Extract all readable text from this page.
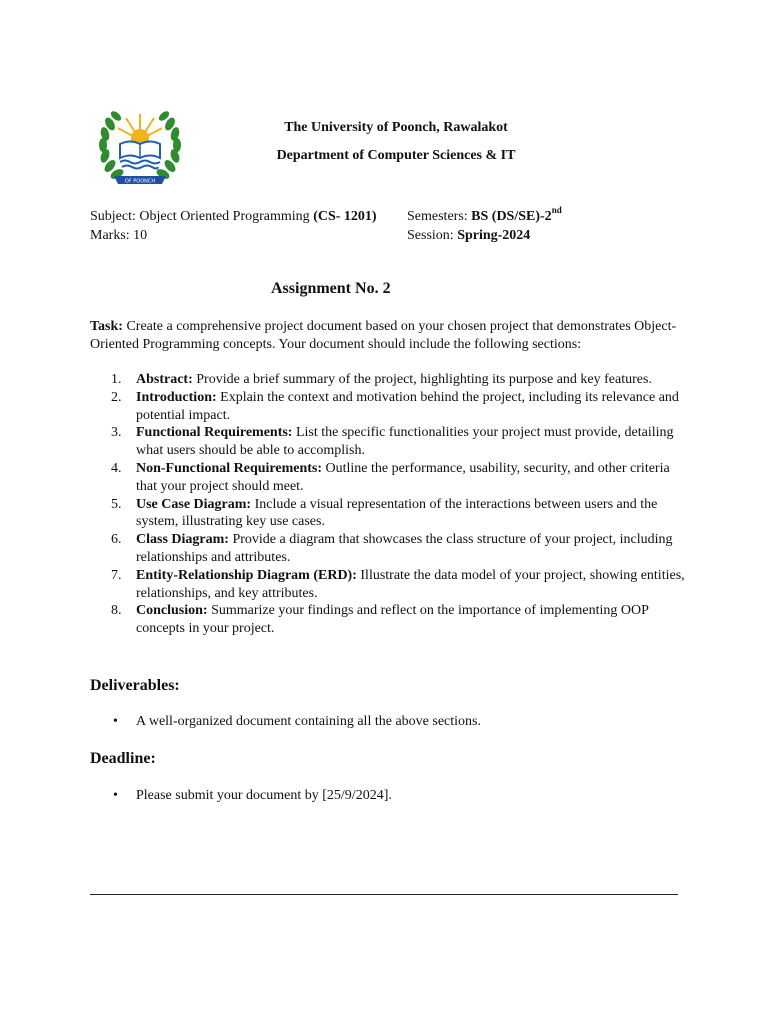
OF POONCH
The University of Poonch, Rawalakot
Department of Computer Sciences & IT
Subject: Object Oriented Programming (CS- 1201)
Marks: 10
Semesters: BS (DS/SE)-2nd
Session: Spring-2024
Assignment No. 2
Task: Create a comprehensive project document based on your chosen project that demonstrates Object-Oriented Programming concepts. Your document should include the following sections:
1. Abstract: Provide a brief summary of the project, highlighting its purpose and key features.
2. Introduction: Explain the context and motivation behind the project, including its relevance and potential impact.
3. Functional Requirements: List the specific functionalities your project must provide, detailing what users should be able to accomplish.
4. Non-Functional Requirements: Outline the performance, usability, security, and other criteria that your project should meet.
5. Use Case Diagram: Include a visual representation of the interactions between users and the system, illustrating key use cases.
6. Class Diagram: Provide a diagram that showcases the class structure of your project, including relationships and attributes.
7. Entity-Relationship Diagram (ERD): Illustrate the data model of your project, showing entities, relationships, and key attributes.
8. Conclusion: Summarize your findings and reflect on the importance of implementing OOP concepts in your project.
Deliverables:
• A well-organized document containing all the above sections.
Deadline:
• Please submit your document by [25/9/2024].
